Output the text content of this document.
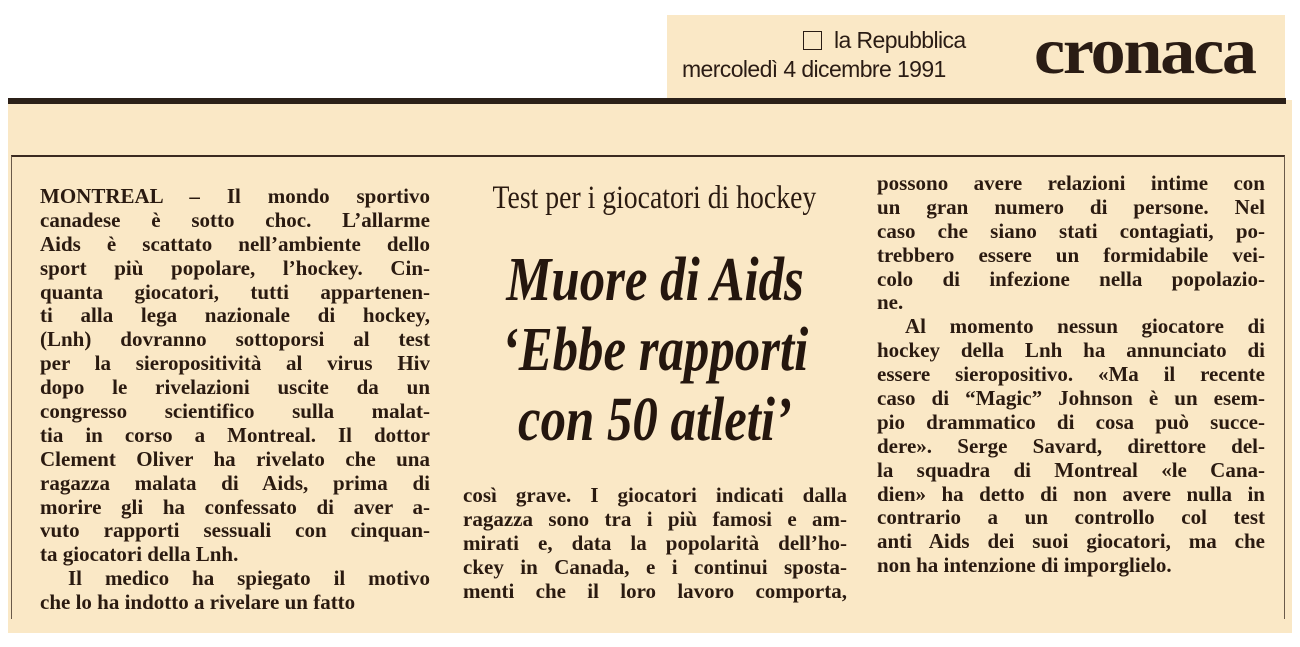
la Repubblica
mercoledì 4 dicembre 1991 cronaca
Test per i giocatori di hockey
Muore di Aids
‘Ebbe rapporti
con 50 atleti’
MONTREAL – Il mondo sportivo
canadese è sotto choc. L’allarme
Aids è scattato nell’ambiente dello
sport più popolare, l’hockey. Cin-
quanta giocatori, tutti appartenen-
ti alla lega nazionale di hockey,
(Lnh) dovranno sottoporsi al test
per la sieropositività al virus Hiv
dopo le rivelazioni uscite da un
congresso scientifico sulla malat-
tia in corso a Montreal. Il dottor
Clement Oliver ha rivelato che una
ragazza malata di Aids, prima di
morire gli ha confessato di aver a-
vuto rapporti sessuali con cinquan-
ta giocatori della Lnh.
Il medico ha spiegato il motivo
che lo ha indotto a rivelare un fatto
così grave. I giocatori indicati dalla
ragazza sono tra i più famosi e am-
mirati e, data la popolarità dell’ho-
ckey in Canada, e i continui sposta-
menti che il loro lavoro comporta,
possono avere relazioni intime con
un gran numero di persone. Nel
caso che siano stati contagiati, po-
trebbero essere un formidabile vei-
colo di infezione nella popolazio-
ne.
Al momento nessun giocatore di
hockey della Lnh ha annunciato di
essere sieropositivo. «Ma il recente
caso di “Magic” Johnson è un esem-
pio drammatico di cosa può succe-
dere». Serge Savard, direttore del-
la squadra di Montreal «le Cana-
dien» ha detto di non avere nulla in
contrario a un controllo col test
anti Aids dei suoi giocatori, ma che
non ha intenzione di imporglielo.
